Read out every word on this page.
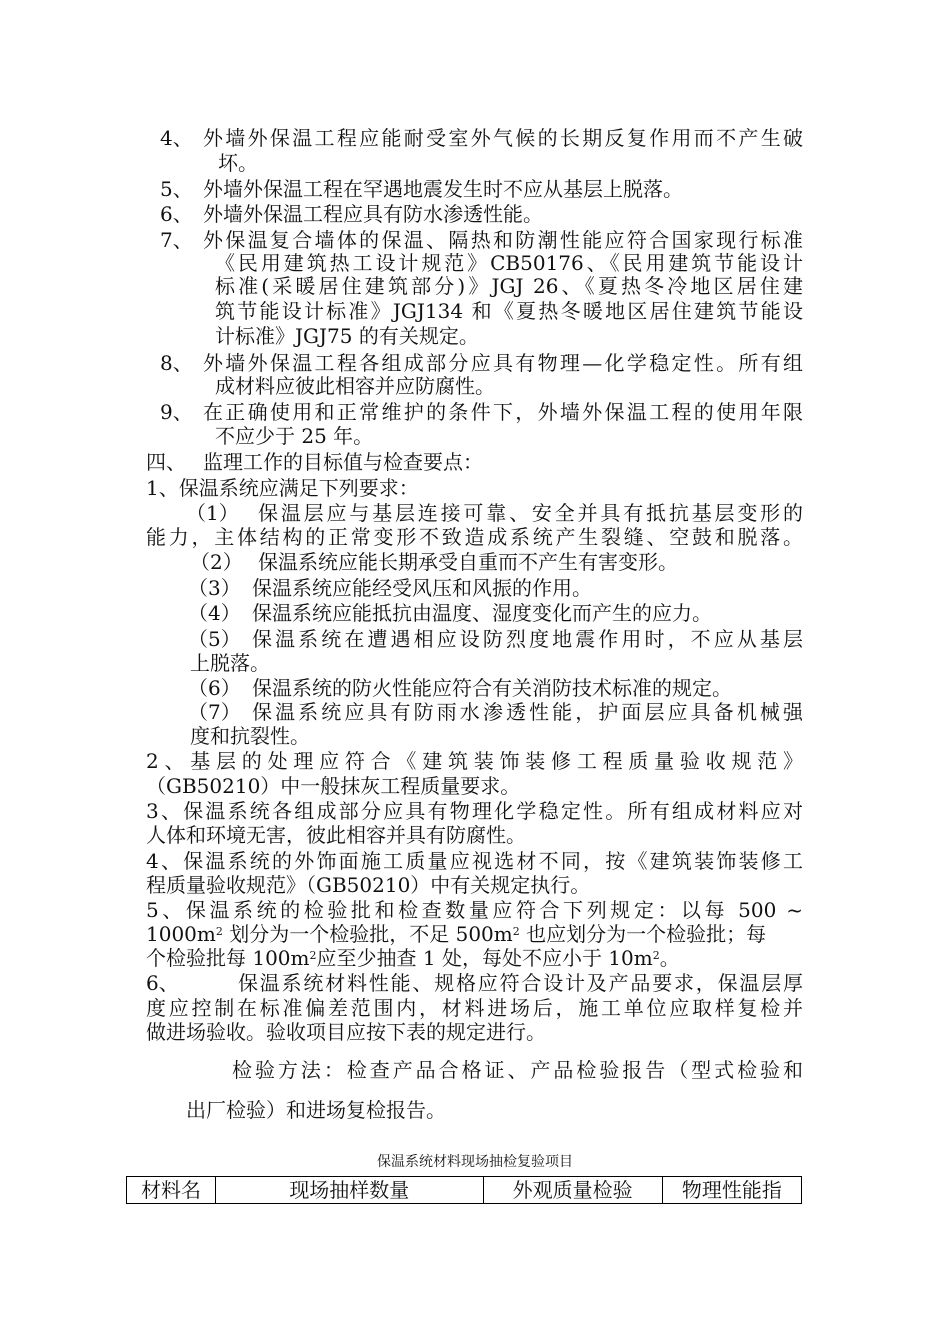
4、 外墙外保温工程应能耐受室外气候的长期反复作用而不产生破
坏。
5、 外墙外保温工程在罕遇地震发生时不应从基层上脱落。
6、 外墙外保温工程应具有防水渗透性能。
7、 外保温复合墙体的保温、隔热和防潮性能应符合国家现行标准
《民用建筑热工设计规范》CB50176、《民用建筑节能设计
标准(采暖居住建筑部分)》JGJ 26、《夏热冬冷地区居住建
筑节能设计标准》JGJ134 和《夏热冬暖地区居住建筑节能设
计标准》JGJ75 的有关规定。
8、 外墙外保温工程各组成部分应具有物理—化学稳定性。所有组
成材料应彼此相容并应防腐性。
9、 在正确使用和正常维护的条件下，外墙外保温工程的使用年限
不应少于 25 年。
四、 监理工作的目标值与检查要点：
1、保温系统应满足下列要求：
（1） 保温层应与基层连接可靠、安全并具有抵抗基层变形的
能力，主体结构的正常变形不致造成系统产生裂缝、空鼓和脱落。
（2） 保温系统应能长期承受自重而不产生有害变形。
（3） 保温系统应能经受风压和风振的作用。
（4） 保温系统应能抵抗由温度、湿度变化而产生的应力。
（5） 保温系统在遭遇相应设防烈度地震作用时，不应从基层
上脱落。
（6） 保温系统的防火性能应符合有关消防技术标准的规定。
（7） 保温系统应具有防雨水渗透性能，护面层应具备机械强
度和抗裂性。
2、基层的处理应符合《建筑装饰装修工程质量验收规范》
（GB50210）中一般抹灰工程质量要求。
3、保温系统各组成部分应具有物理化学稳定性。所有组成材料应对
人体和环境无害，彼此相容并具有防腐性。
4、保温系统的外饰面施工质量应视选材不同，按《建筑装饰装修工
程质量验收规范》（GB50210）中有关规定执行。
5、保温系统的检验批和检查数量应符合下列规定：以每 500 ~
$1000m^2$ 划分为一个检验批，不足 $500m^2$ 也应划分为一个检验批；每
个检验批每 $100m^2$应至少抽查 1 处，每处不应小于 $10m^2$。
6、	保温系统材料性能、规格应符合设计及产品要求，保温层厚
度应控制在标准偏差范围内，材料进场后，施工单位应取样复检并
做进场验收。验收项目应按下表的规定进行。
检验方法：检查产品合格证、产品检验报告（型式检验和
出厂检验）和进场复检报告。
保温系统材料现场抽检复验项目
材料名	现场抽样数量	外观质量检验	物理性能指
